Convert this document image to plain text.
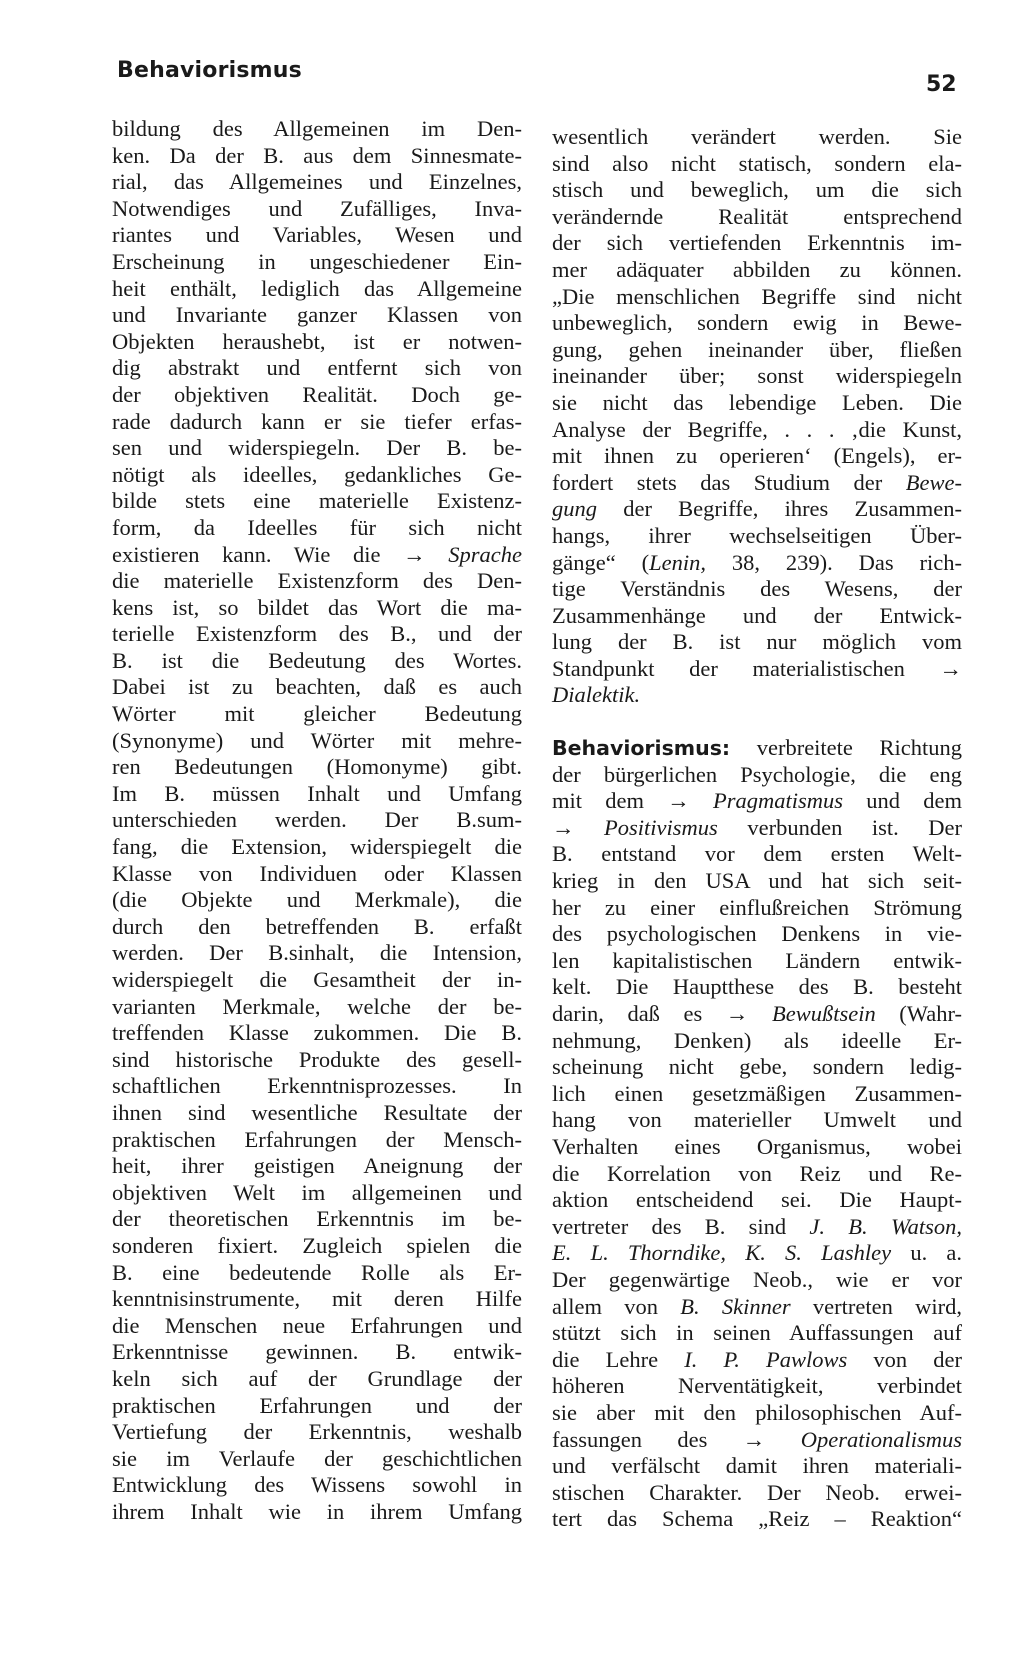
Behaviorismus
52
bildung des Allgemeinen im Den-
ken. Da der B. aus dem Sinnesmate-
rial, das Allgemeines und Einzelnes,
Notwendiges und Zufälliges, Inva-
riantes und Variables, Wesen und
Erscheinung in ungeschiedener Ein-
heit enthält, lediglich das Allgemeine
und Invariante ganzer Klassen von
Objekten heraushebt, ist er notwen-
dig abstrakt und entfernt sich von
der objektiven Realität. Doch ge-
rade dadurch kann er sie tiefer erfas-
sen und widerspiegeln. Der B. be-
nötigt als ideelles, gedankliches Ge-
bilde stets eine materielle Existenz-
form, da Ideelles für sich nicht
existieren kann. Wie die → Sprache
die materielle Existenzform des Den-
kens ist, so bildet das Wort die ma-
terielle Existenzform des B., und der
B. ist die Bedeutung des Wortes.
Dabei ist zu beachten, daß es auch
Wörter mit gleicher Bedeutung
(Synonyme) und Wörter mit mehre-
ren Bedeutungen (Homonyme) gibt.
Im B. müssen Inhalt und Umfang
unterschieden werden. Der B.sum-
fang, die Extension, widerspiegelt die
Klasse von Individuen oder Klassen
(die Objekte und Merkmale), die
durch den betreffenden B. erfaßt
werden. Der B.sinhalt, die Intension,
widerspiegelt die Gesamtheit der in-
varianten Merkmale, welche der be-
treffenden Klasse zukommen. Die B.
sind historische Produkte des gesell-
schaftlichen Erkenntnisprozesses. In
ihnen sind wesentliche Resultate der
praktischen Erfahrungen der Mensch-
heit, ihrer geistigen Aneignung der
objektiven Welt im allgemeinen und
der theoretischen Erkenntnis im be-
sonderen fixiert. Zugleich spielen die
B. eine bedeutende Rolle als Er-
kenntnisinstrumente, mit deren Hilfe
die Menschen neue Erfahrungen und
Erkenntnisse gewinnen. B. entwik-
keln sich auf der Grundlage der
praktischen Erfahrungen und der
Vertiefung der Erkenntnis, weshalb
sie im Verlaufe der geschichtlichen
Entwicklung des Wissens sowohl in
ihrem Inhalt wie in ihrem Umfang
wesentlich verändert werden. Sie
sind also nicht statisch, sondern ela-
stisch und beweglich, um die sich
verändernde Realität entsprechend
der sich vertiefenden Erkenntnis im-
mer adäquater abbilden zu können.
„Die menschlichen Begriffe sind nicht
unbeweglich, sondern ewig in Bewe-
gung, gehen ineinander über, fließen
ineinander über; sonst widerspiegeln
sie nicht das lebendige Leben. Die
Analyse der Begriffe, . . . ‚die Kunst,
mit ihnen zu operieren‘ (Engels), er-
fordert stets das Studium der Bewe-
gung der Begriffe, ihres Zusammen-
hangs, ihrer wechselseitigen Über-
gänge“ (Lenin, 38, 239). Das rich-
tige Verständnis des Wesens, der
Zusammenhänge und der Entwick-
lung der B. ist nur möglich vom
Standpunkt der materialistischen →
Dialektik.
Behaviorismus: verbreitete Richtung
der bürgerlichen Psychologie, die eng
mit dem → Pragmatismus und dem
→ Positivismus verbunden ist. Der
B. entstand vor dem ersten Welt-
krieg in den USA und hat sich seit-
her zu einer einflußreichen Strömung
des psychologischen Denkens in vie-
len kapitalistischen Ländern entwik-
kelt. Die Hauptthese des B. besteht
darin, daß es → Bewußtsein (Wahr-
nehmung, Denken) als ideelle Er-
scheinung nicht gebe, sondern ledig-
lich einen gesetzmäßigen Zusammen-
hang von materieller Umwelt und
Verhalten eines Organismus, wobei
die Korrelation von Reiz und Re-
aktion entscheidend sei. Die Haupt-
vertreter des B. sind J. B. Watson,
E. L. Thorndike, K. S. Lashley u. a.
Der gegenwärtige Neob., wie er vor
allem von B. Skinner vertreten wird,
stützt sich in seinen Auffassungen auf
die Lehre I. P. Pawlows von der
höheren Nerventätigkeit, verbindet
sie aber mit den philosophischen Auf-
fassungen des → Operationalismus
und verfälscht damit ihren materiali-
stischen Charakter. Der Neob. erwei-
tert das Schema „Reiz – Reaktion“
